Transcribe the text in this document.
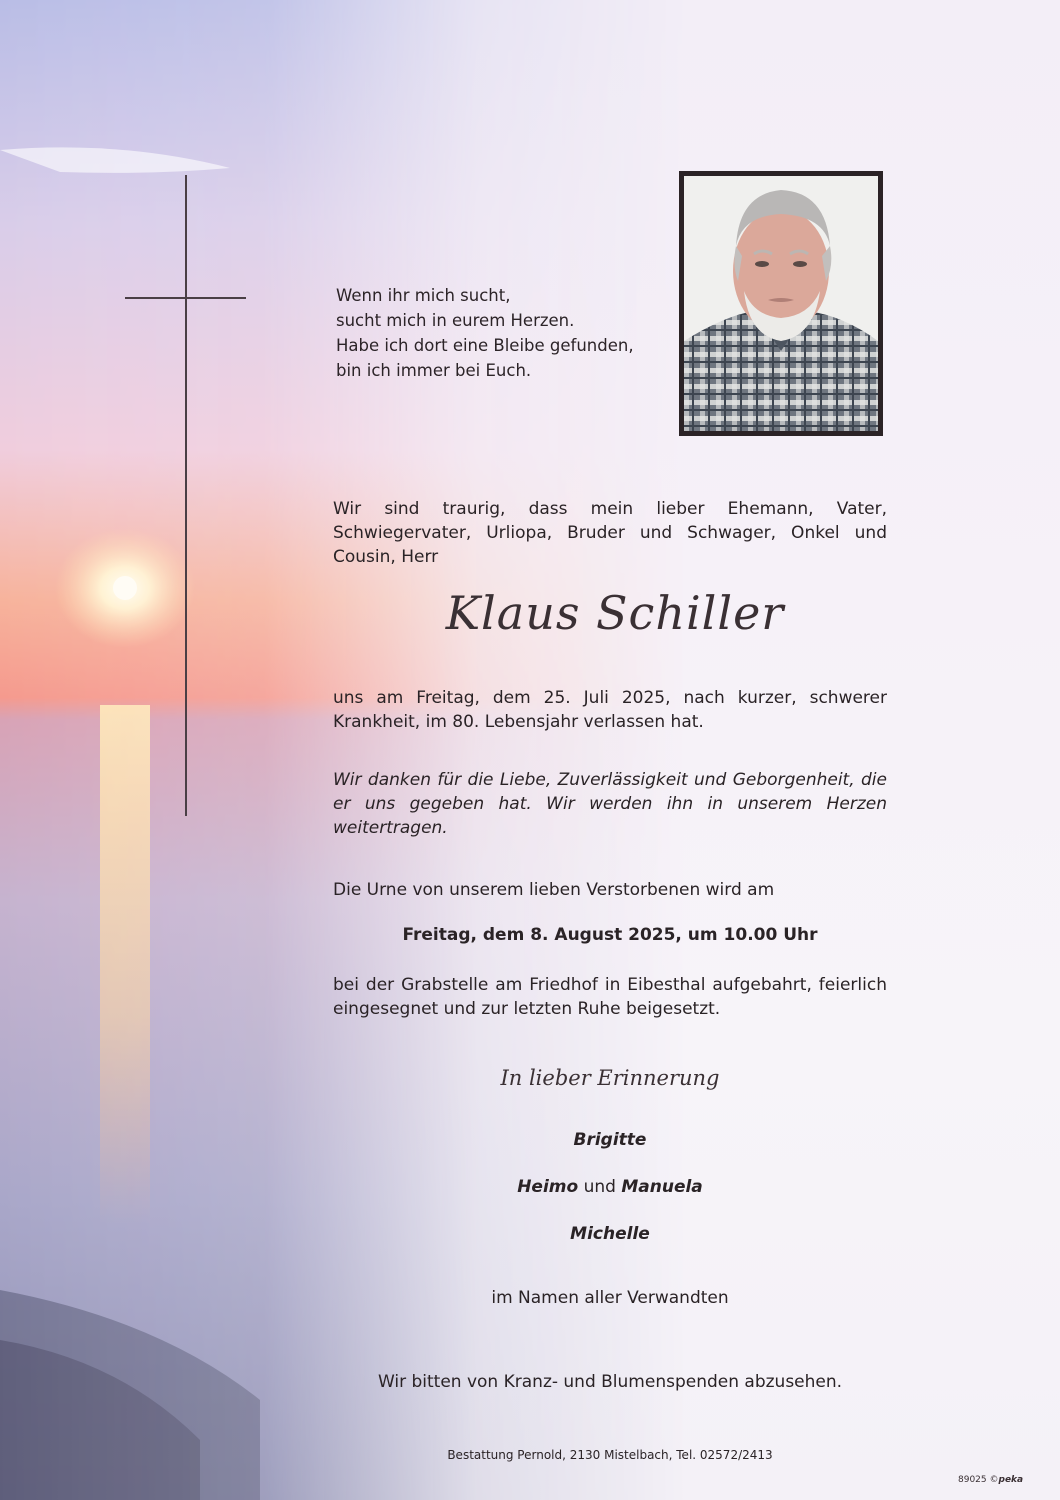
Wenn ihr mich sucht,
sucht mich in eurem Herzen.
Habe ich dort eine Bleibe gefunden,
bin ich immer bei Euch.
Wir sind traurig, dass mein lieber Ehemann, Vater, Schwiegervater, Urliopa, Bruder und Schwager, Onkel und Cousin, Herr
Klaus Schiller
uns am Freitag, dem 25. Juli 2025, nach kurzer, schwerer Krankheit, im 80. Lebensjahr verlassen hat.
Wir danken für die Liebe, Zuverlässigkeit und Geborgenheit, die er uns gegeben hat. Wir werden ihn in unserem Herzen weitertragen.
Die Urne von unserem lieben Verstorbenen wird am
Freitag, dem 8. August 2025, um 10.00 Uhr
bei der Grabstelle am Friedhof in Eibesthal aufgebahrt, feierlich eingesegnet und zur letzten Ruhe beigesetzt.
In lieber Erinnerung
Brigitte
Heimo und Manuela
Michelle
im Namen aller Verwandten
Wir bitten von Kranz- und Blumenspenden abzusehen.
Bestattung Pernold, 2130 Mistelbach, Tel. 02572/2413
89025 ©peka
